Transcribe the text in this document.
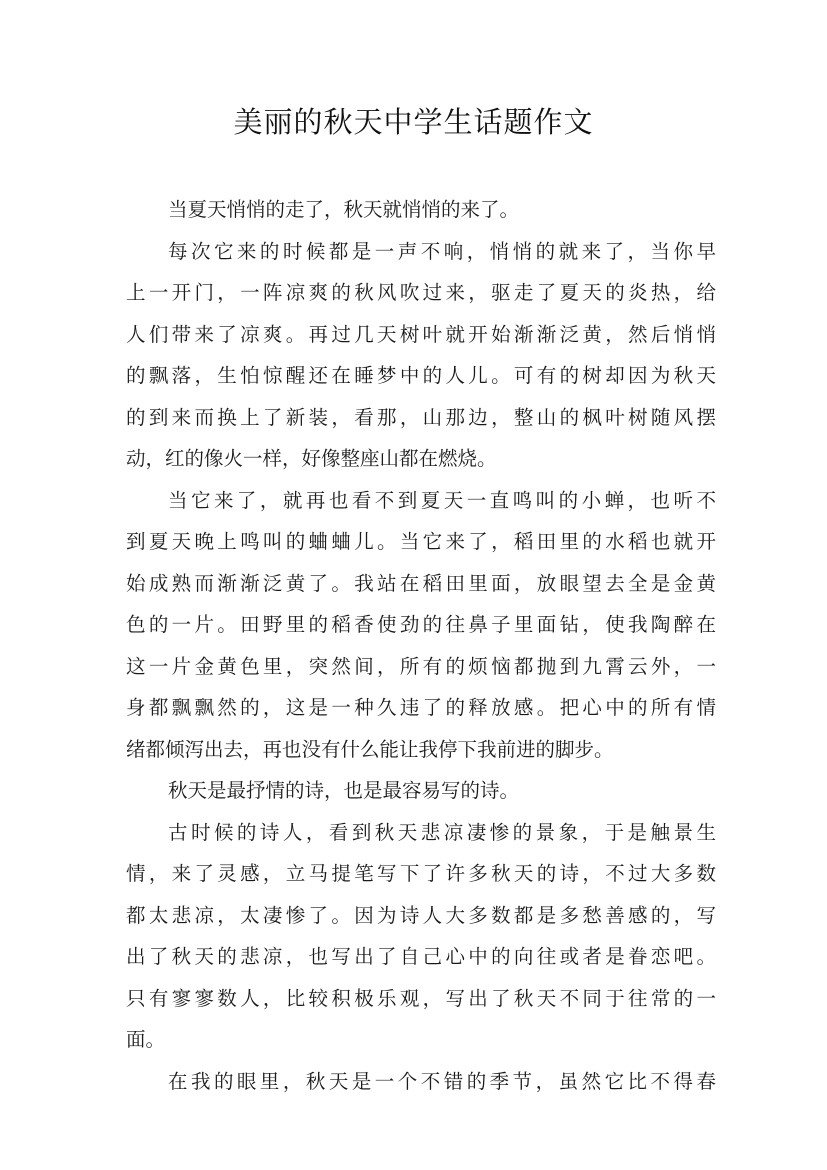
美丽的秋天中学生话题作文
当夏天悄悄的走了，秋天就悄悄的来了。
每次它来的时候都是一声不响，悄悄的就来了，当你早
上一开门，一阵凉爽的秋风吹过来，驱走了夏天的炎热，给
人们带来了凉爽。再过几天树叶就开始渐渐泛黄，然后悄悄
的飘落，生怕惊醒还在睡梦中的人儿。可有的树却因为秋天
的到来而换上了新装，看那，山那边，整山的枫叶树随风摆
动，红的像火一样，好像整座山都在燃烧。
当它来了，就再也看不到夏天一直鸣叫的小蝉，也听不
到夏天晚上鸣叫的蛐蛐儿。当它来了，稻田里的水稻也就开
始成熟而渐渐泛黄了。我站在稻田里面，放眼望去全是金黄
色的一片。田野里的稻香使劲的往鼻子里面钻，使我陶醉在
这一片金黄色里，突然间，所有的烦恼都抛到九霄云外，一
身都飘飘然的，这是一种久违了的释放感。把心中的所有情
绪都倾泻出去，再也没有什么能让我停下我前进的脚步。
秋天是最抒情的诗，也是最容易写的诗。
古时候的诗人，看到秋天悲凉凄惨的景象，于是触景生
情，来了灵感，立马提笔写下了许多秋天的诗，不过大多数
都太悲凉，太凄惨了。因为诗人大多数都是多愁善感的，写
出了秋天的悲凉，也写出了自己心中的向往或者是眷恋吧。
只有寥寥数人，比较积极乐观，写出了秋天不同于往常的一
面。
在我的眼里，秋天是一个不错的季节，虽然它比不得春
